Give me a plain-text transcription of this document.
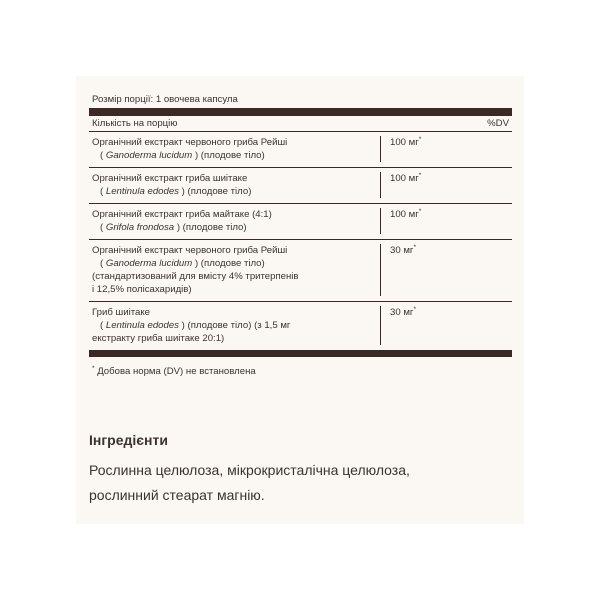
Розмір порції: 1 овочева капсула
Кількість на порцію	%DV
Органічний екстракт червоного гриба Рейші
( Ganoderma lucidum ) (плодове тіло)
100 мг*
Органічний екстракт гриба шиітаке
( Lentinula edodes ) (плодове тіло)
100 мг*
Органічний екстракт гриба майтаке (4:1)
( Grifola frondosa ) (плодове тіло)
100 мг*
Органічний екстракт червоного гриба Рейші
( Ganoderma lucidum ) (плодове тіло)
(стандартизований для вмісту 4% тритерпенів
і 12,5% полісахаридів)
30 мг*
Гриб шиітаке
( Lentinula edodes ) (плодове тіло) (з 1,5 мг
екстракту гриба шиітаке 20:1)
30 мг*
* Добова норма (DV) не встановлена
Інгредієнти
Рослинна целюлоза, мікрокристалічна целюлоза,
рослинний стеарат магнію.
